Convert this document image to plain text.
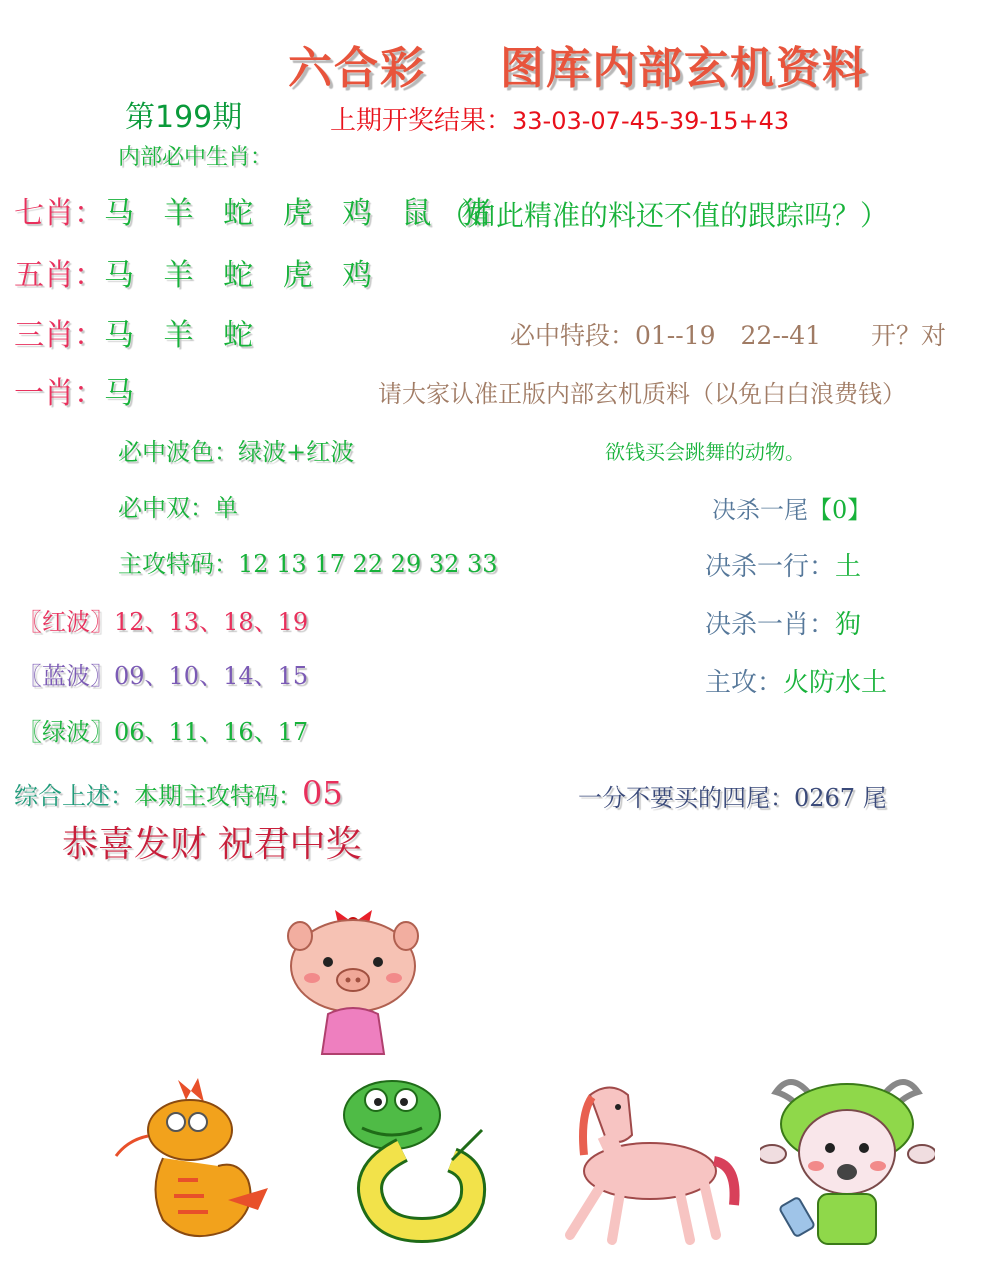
六合彩 图库内部玄机资料
第199期	上期开奖结果：33-03-07-45-39-15+43
内部必中生肖：
七肖：马 羊 蛇 虎 鸡 鼠 猪
（如此精准的料还不值的跟踪吗？）
五肖：马 羊 蛇 虎 鸡
三肖：马 羊 蛇	必中特段：01--19　22--41　　开？对
一肖：马	请大家认准正版内部玄机质料（以免白白浪费钱）
必中波色：绿波+红波	欲钱买会跳舞的动物。
必中双：单	决杀一尾【0】
主攻特码：12 13 17 22 29 32 33	决杀一行：土
〖红波〗12、13、18、19	决杀一肖：狗
〖蓝波〗09、10、14、15	主攻：火防水土
〖绿波〗06、11、16、17
综合上述：本期主攻特码：05	一分不要买的四尾：0267 尾
恭喜发财 祝君中奖
